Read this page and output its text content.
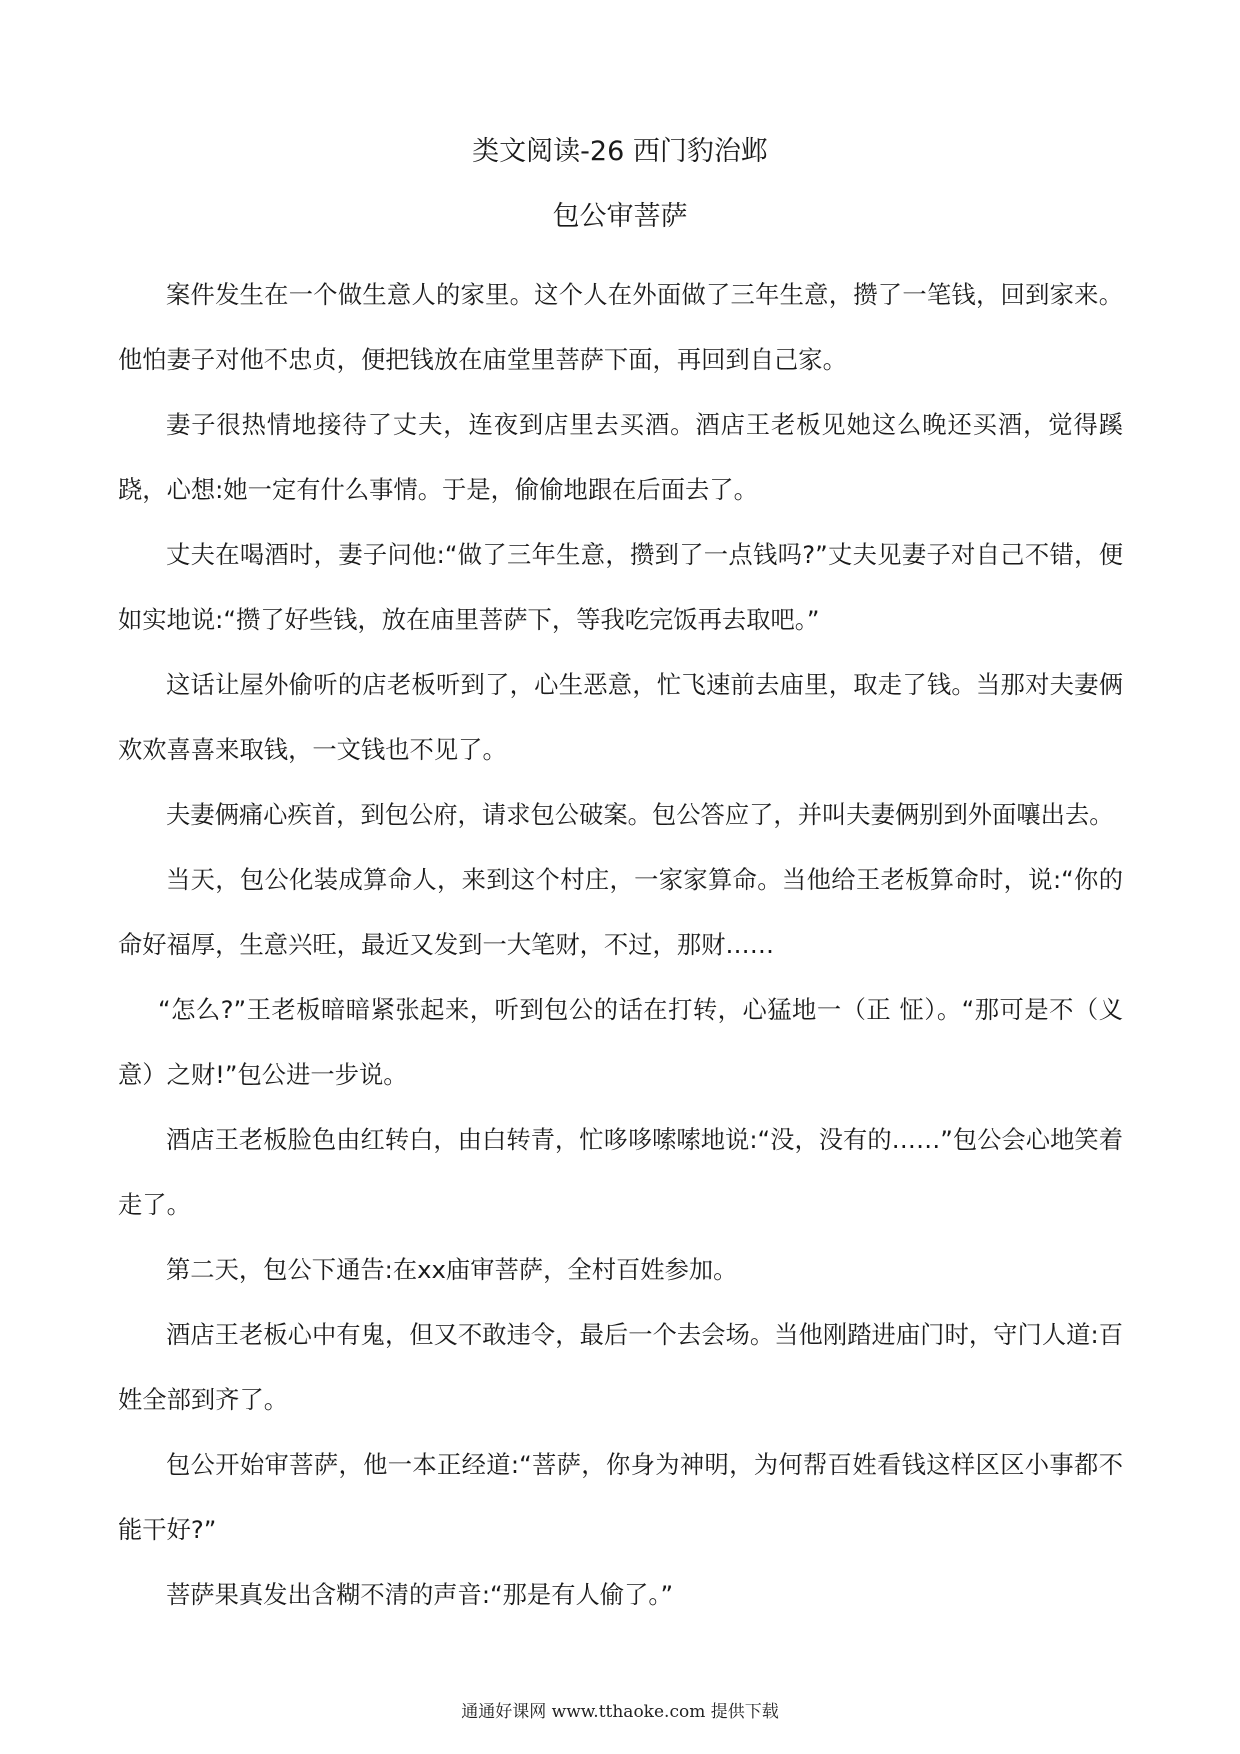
类文阅读-26 西门豹治邺
包公审菩萨

案件发生在一个做生意人的家里。这个人在外面做了三年生意，攒了一笔钱，回到家来。他怕妻子对他不忠贞，便把钱放在庙堂里菩萨下面，再回到自己家。

妻子很热情地接待了丈夫，连夜到店里去买酒。酒店王老板见她这么晚还买酒，觉得蹊跷，心想:她一定有什么事情。于是，偷偷地跟在后面去了。

丈夫在喝酒时，妻子问他:“做了三年生意，攒到了一点钱吗?”丈夫见妻子对自己不错，便如实地说:“攒了好些钱，放在庙里菩萨下，等我吃完饭再去取吧。”

这话让屋外偷听的店老板听到了，心生恶意，忙飞速前去庙里，取走了钱。当那对夫妻俩欢欢喜喜来取钱，一文钱也不见了。

夫妻俩痛心疾首，到包公府，请求包公破案。包公答应了，并叫夫妻俩别到外面嚷出去。

当天，包公化装成算命人，来到这个村庄，一家家算命。当他给王老板算命时，说:“你的命好福厚，生意兴旺，最近又发到一大笔财，不过，那财……

“怎么?”王老板暗暗紧张起来，听到包公的话在打转，心猛地一（正 怔）。“那可是不（义 意）之财!”包公进一步说。

酒店王老板脸色由红转白，由白转青，忙哆哆嗦嗦地说:“没，没有的……”包公会心地笑着走了。

第二天，包公下通告:在xx庙审菩萨，全村百姓参加。

酒店王老板心中有鬼，但又不敢违令，最后一个去会场。当他刚踏进庙门时，守门人道:百姓全部到齐了。

包公开始审菩萨，他一本正经道:“菩萨，你身为神明，为何帮百姓看钱这样区区小事都不能干好?”

菩萨果真发出含糊不清的声音:“那是有人偷了。”

通通好课网 www.tthaoke.com 提供下载
